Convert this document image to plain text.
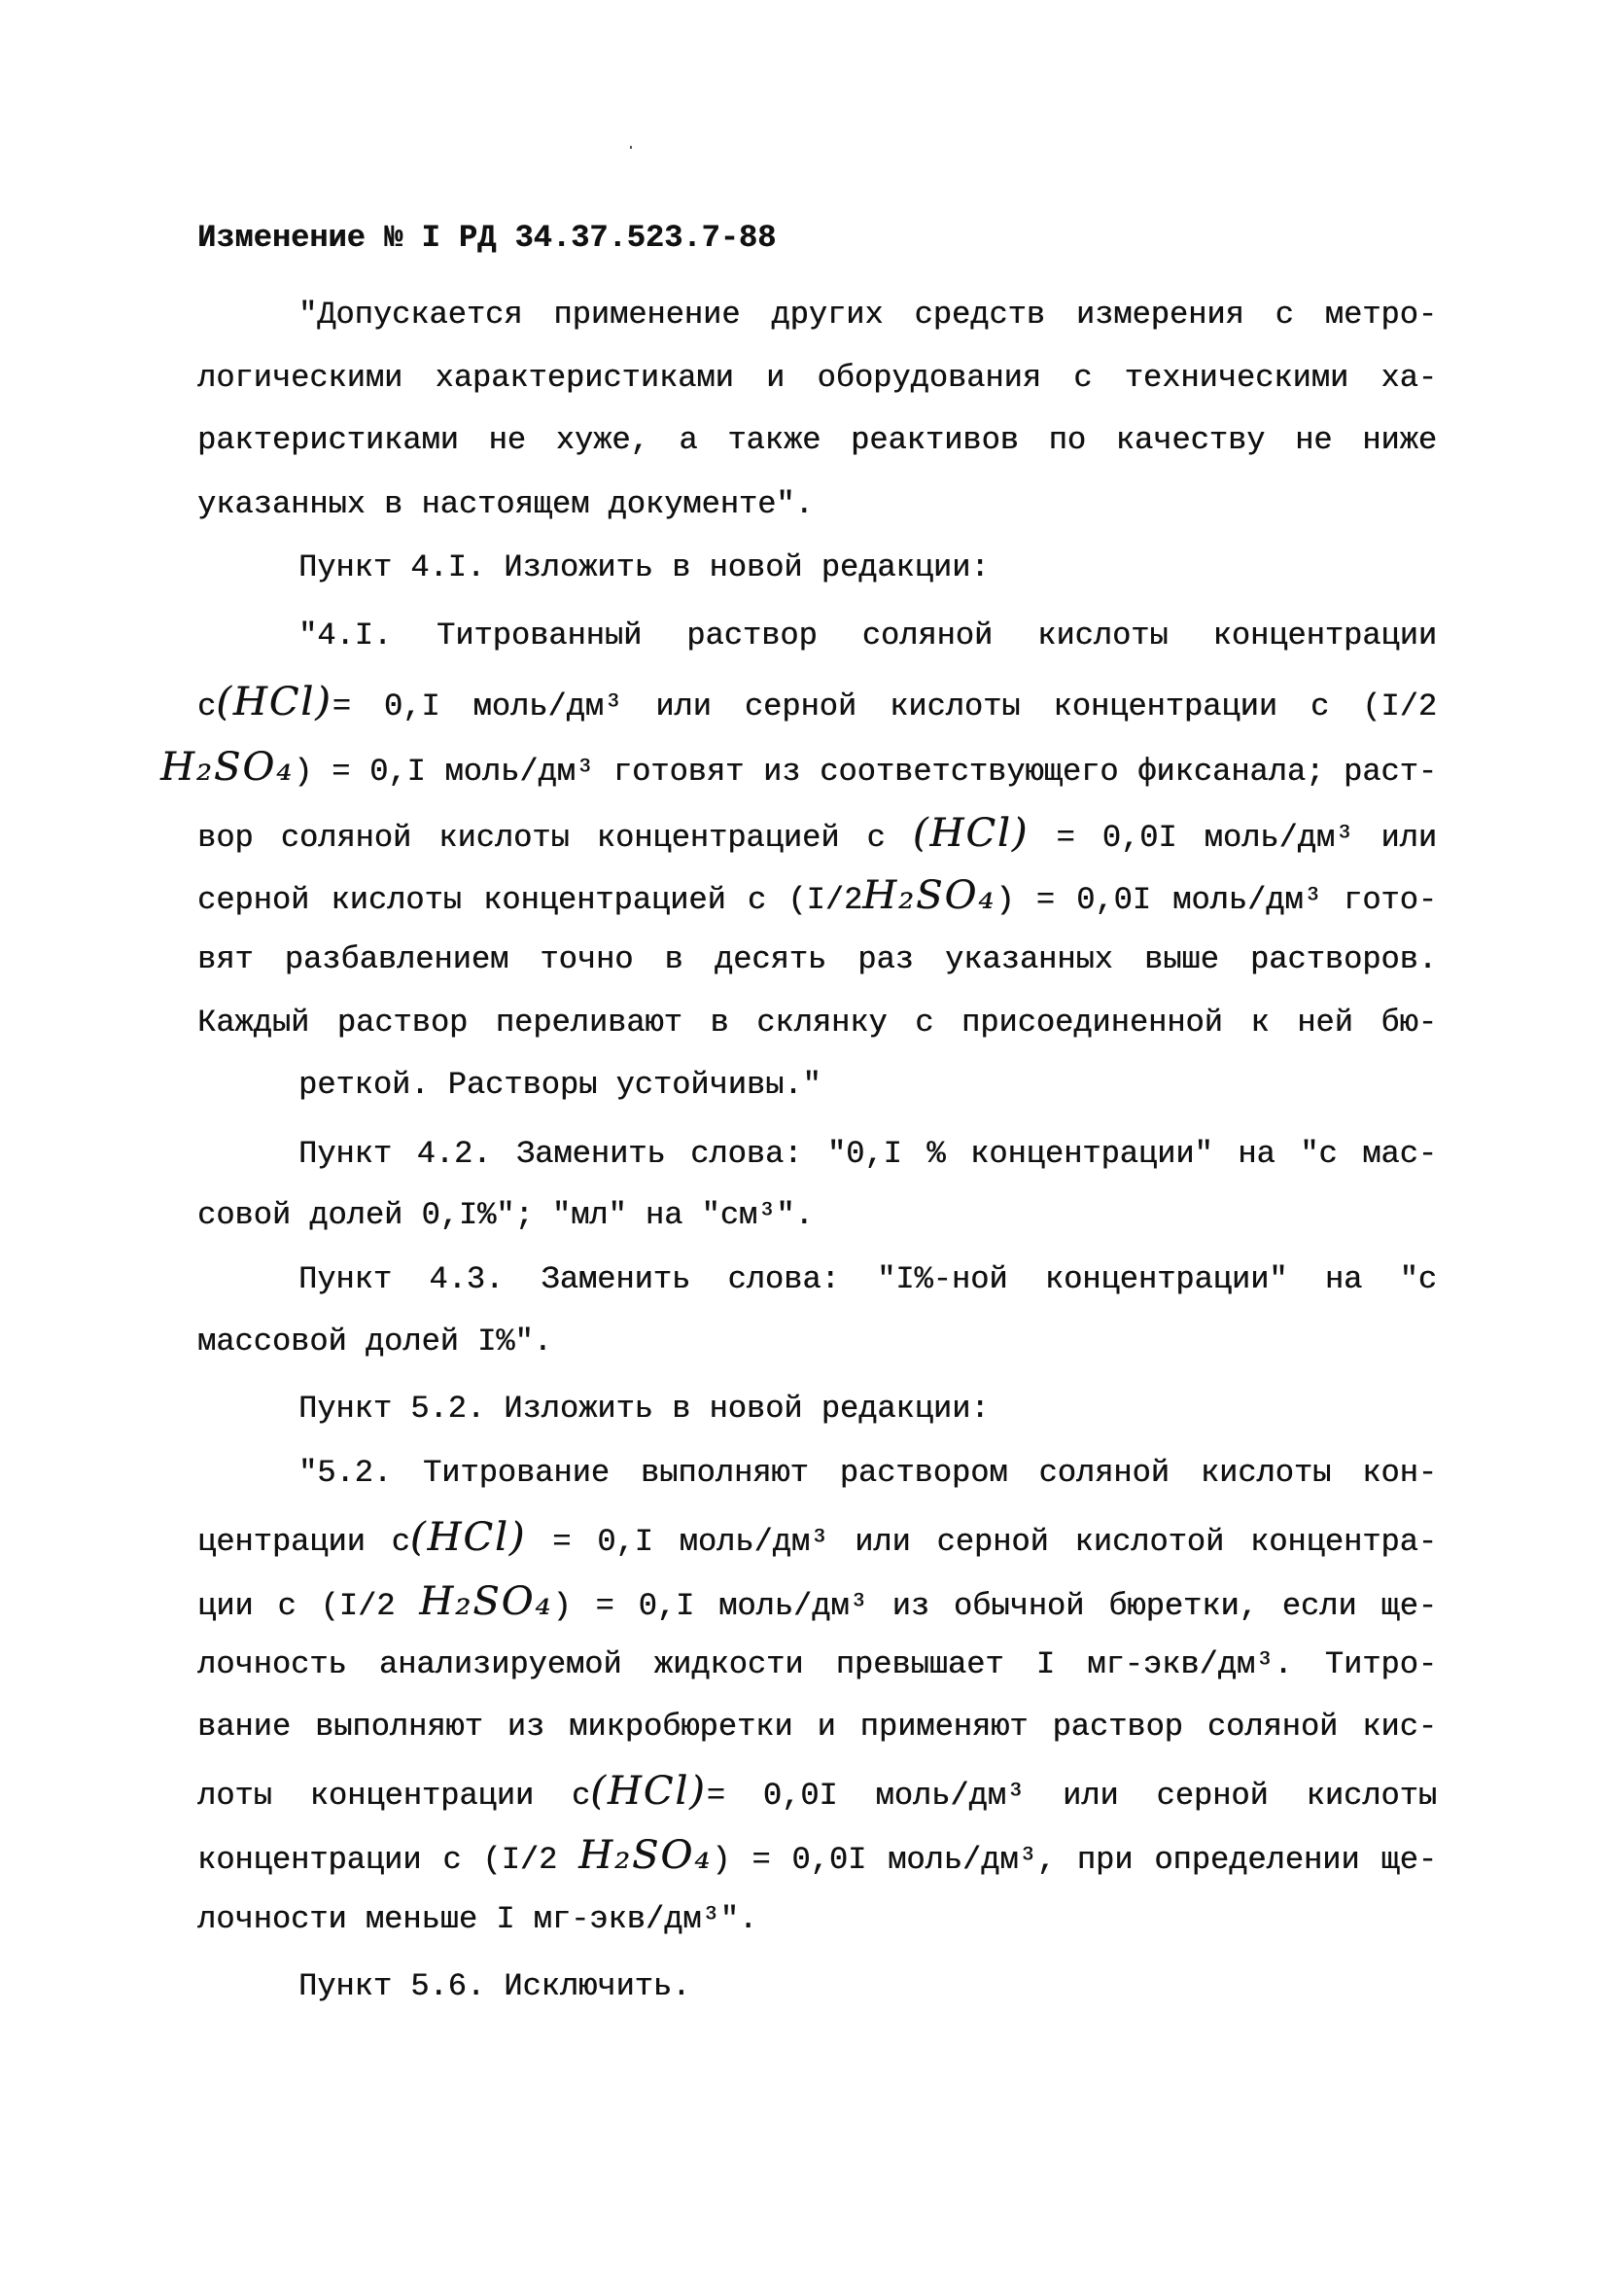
Изменение № I РД 34.37.523.7-88
"Допускается применение других средств измерения с метро-
логическими характеристиками и оборудования с техническими ха-
рактеристиками не хуже, а также реактивов по качеству не ниже
указанных в настоящем документе".
Пункт 4.I. Изложить в новой редакции:
"4.I. Титрованный раствор соляной кислоты концентрации
c(HCl)= 0,I моль/дм³ или серной кислоты концентрации с (I/2
H₂SO₄) = 0,I моль/дм³ готовят из соответствующего фиксанала; раст-
вор соляной кислоты концентрацией с (HCl) = 0,0I моль/дм³ или
серной кислоты концентрацией с (I/2H₂SO₄) = 0,0I моль/дм³ гото-
вят разбавлением точно в десять раз указанных выше растворов.
Каждый раствор переливают в склянку с присоединенной к ней бю-
реткой. Растворы устойчивы."
Пункт 4.2. Заменить слова: "0,I % концентрации" на "с мас-
совой долей 0,I%"; "мл" на "см³".
Пункт 4.3. Заменить слова: "I%-ной концентрации" на "с
массовой долей I%".
Пункт 5.2. Изложить в новой редакции:
"5.2. Титрование выполняют раствором соляной кислоты кон-
центрации с(HCl) = 0,I моль/дм³ или серной кислотой концентра-
ции с (I/2 H₂SO₄) = 0,I моль/дм³ из обычной бюретки, если ще-
лочность анализируемой жидкости превышает I мг-экв/дм³. Титро-
вание выполняют из микробюретки и применяют раствор соляной кис-
лоты концентрации с(HCl)= 0,0I моль/дм³ или серной кислоты
концентрации с (I/2 H₂SO₄) = 0,0I моль/дм³, при определении ще-
лочности меньше I мг-экв/дм³".
Пункт 5.6. Исключить.
